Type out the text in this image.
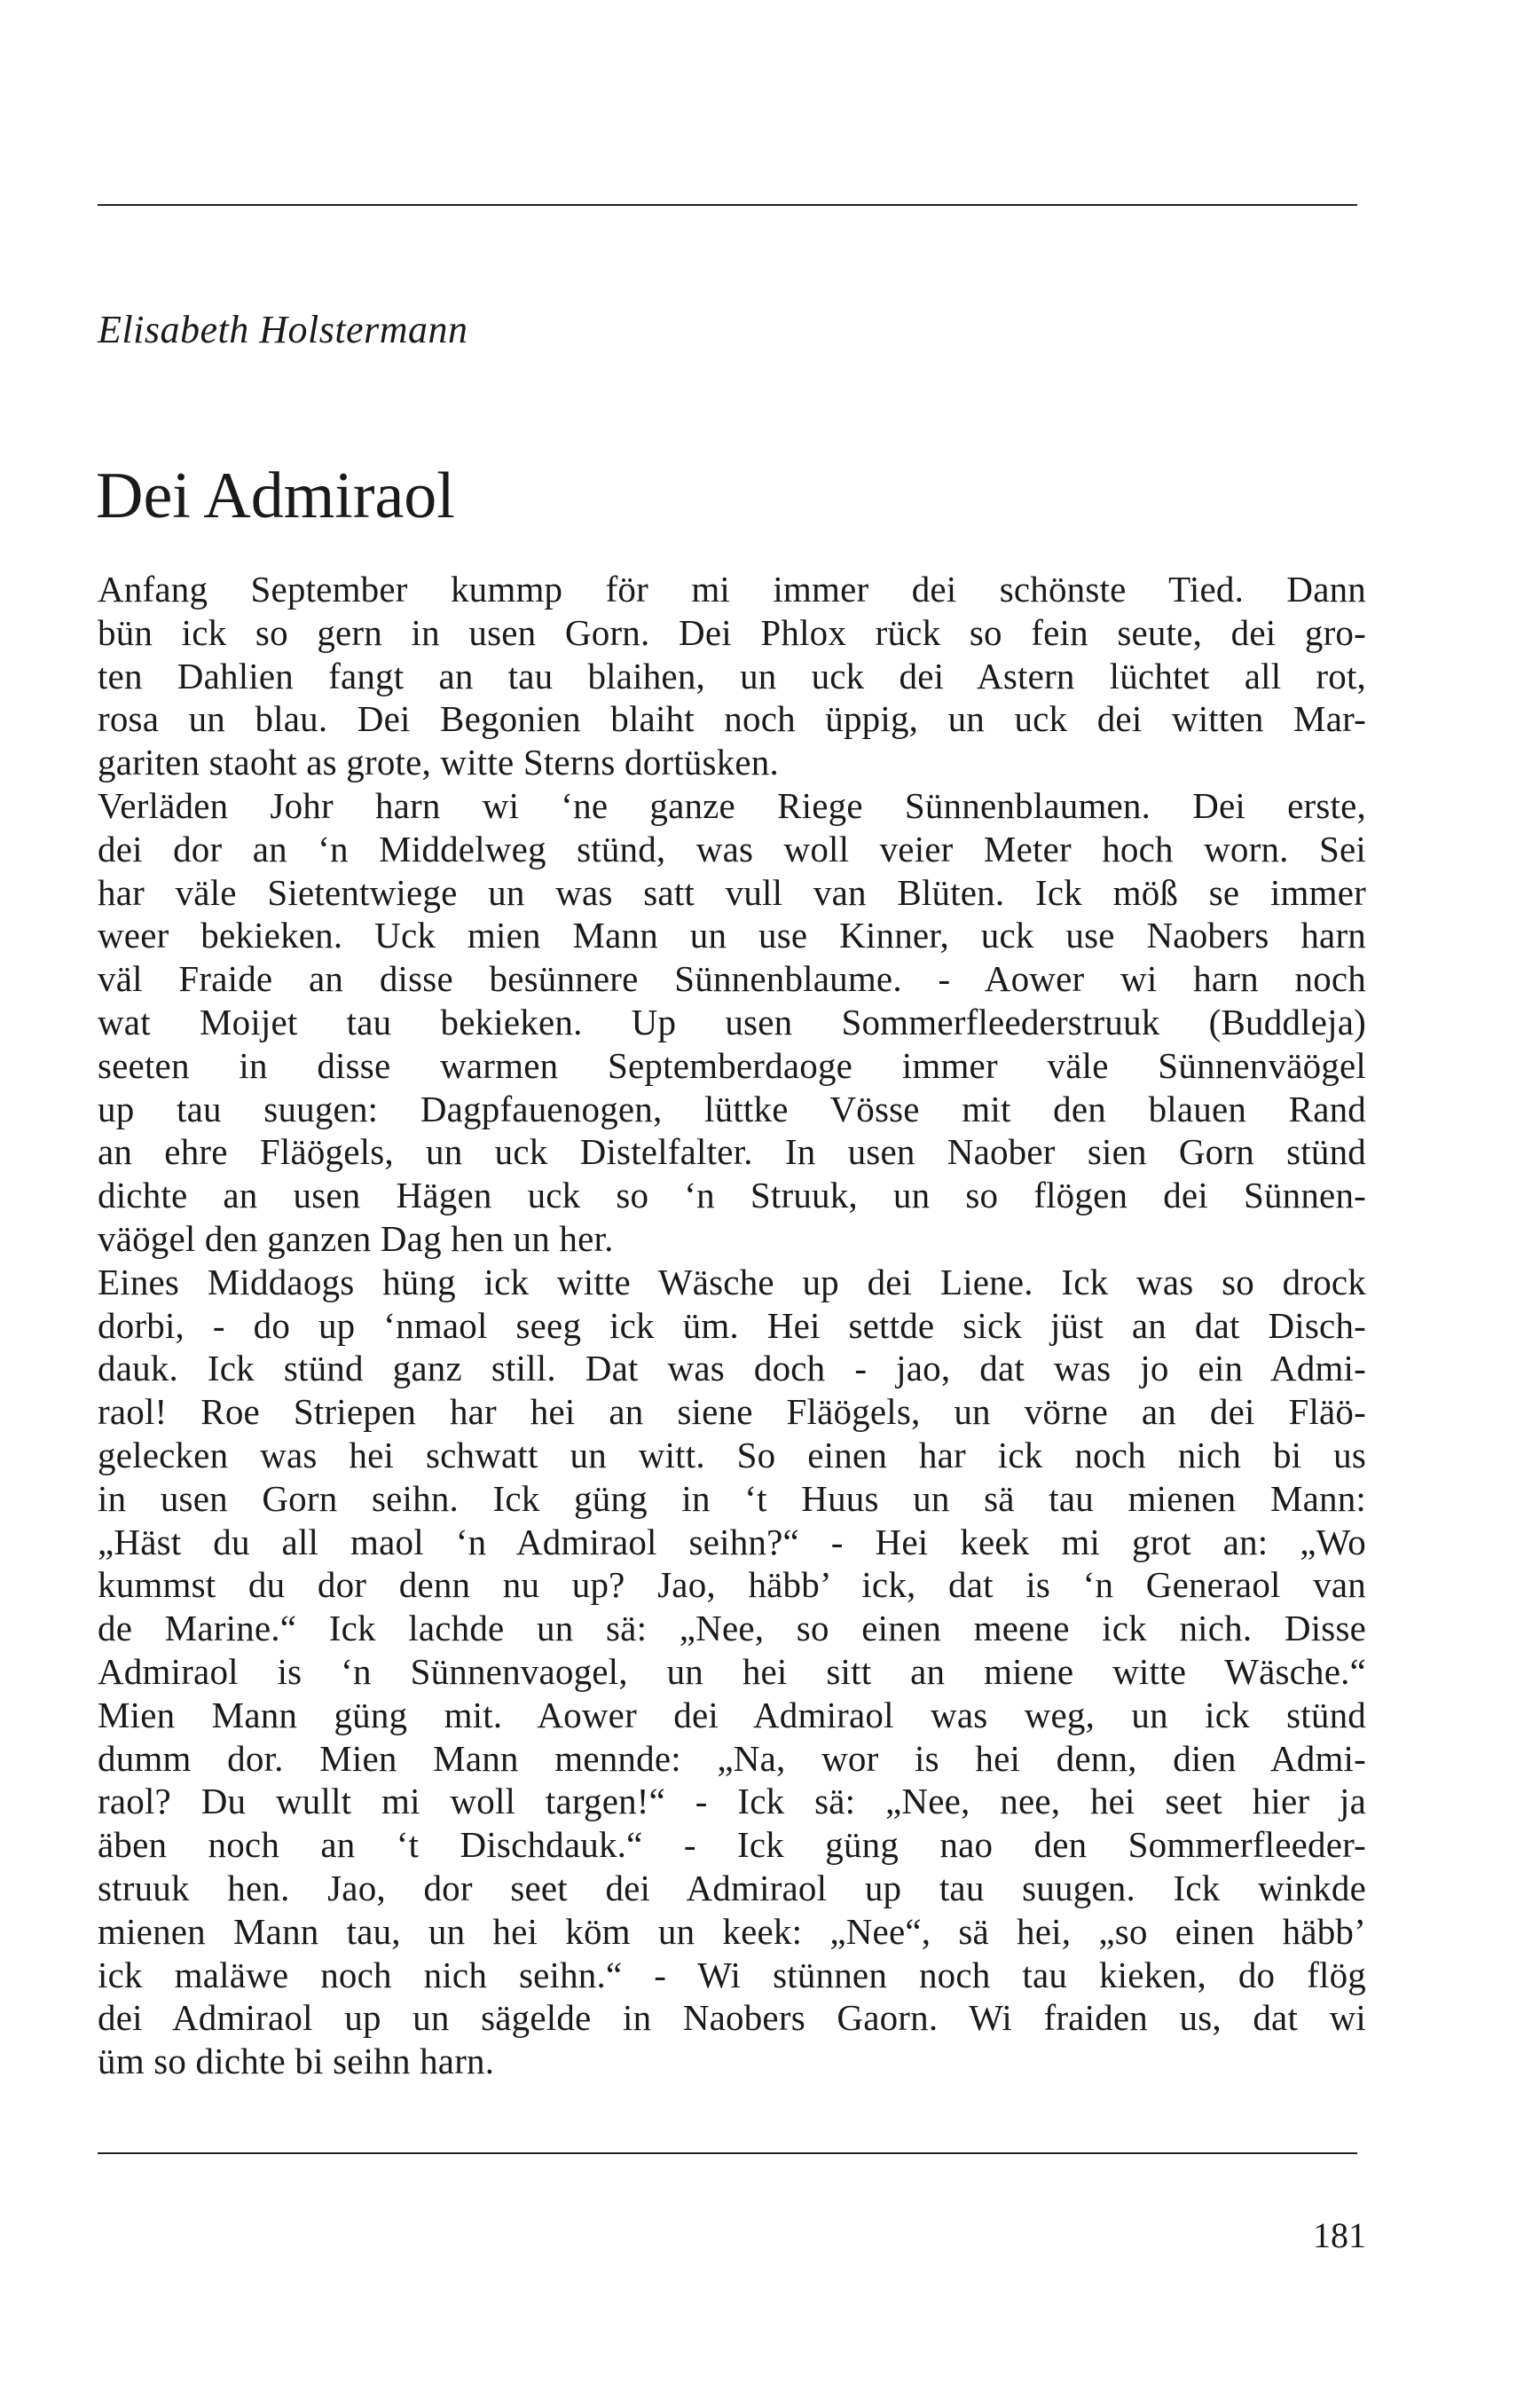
Elisabeth Holstermann
Dei Admiraol
Anfang September kummp för mi immer dei schönste Tied. Dann
bün ick so gern in usen Gorn. Dei Phlox rück so fein seute, dei gro-
ten Dahlien fangt an tau blaihen, un uck dei Astern lüchtet all rot,
rosa un blau. Dei Begonien blaiht noch üppig, un uck dei witten Mar-
gariten staoht as grote, witte Sterns dortüsken.
Verläden Johr harn wi ‘ne ganze Riege Sünnenblaumen. Dei erste,
dei dor an ‘n Middelweg stünd, was woll veier Meter hoch worn. Sei
har väle Sietentwiege un was satt vull van Blüten. Ick möß se immer
weer bekieken. Uck mien Mann un use Kinner, uck use Naobers harn
väl Fraide an disse besünnere Sünnenblaume. - Aower wi harn noch
wat Moijet tau bekieken. Up usen Sommerfleederstruuk (Buddleja)
seeten in disse warmen Septemberdaoge immer väle Sünnenväögel
up tau suugen: Dagpfauenogen, lüttke Vösse mit den blauen Rand
an ehre Fläögels, un uck Distelfalter. In usen Naober sien Gorn stünd
dichte an usen Hägen uck so ‘n Struuk, un so flögen dei Sünnen-
väögel den ganzen Dag hen un her.
Eines Middaogs hüng ick witte Wäsche up dei Liene. Ick was so drock
dorbi, - do up ‘nmaol seeg ick üm. Hei settde sick jüst an dat Disch-
dauk. Ick stünd ganz still. Dat was doch - jao, dat was jo ein Admi-
raol! Roe Striepen har hei an siene Fläögels, un vörne an dei Fläö-
gelecken was hei schwatt un witt. So einen har ick noch nich bi us
in usen Gorn seihn. Ick güng in ‘t Huus un sä tau mienen Mann:
„Häst du all maol ‘n Admiraol seihn?“ - Hei keek mi grot an: „Wo
kummst du dor denn nu up? Jao, häbb’ ick, dat is ‘n Generaol van
de Marine.“ Ick lachde un sä: „Nee, so einen meene ick nich. Disse
Admiraol is ‘n Sünnenvaogel, un hei sitt an miene witte Wäsche.“
Mien Mann güng mit. Aower dei Admiraol was weg, un ick stünd
dumm dor. Mien Mann mennde: „Na, wor is hei denn, dien Admi-
raol? Du wullt mi woll targen!“ - Ick sä: „Nee, nee, hei seet hier ja
äben noch an ‘t Dischdauk.“ - Ick güng nao den Sommerfleeder-
struuk hen. Jao, dor seet dei Admiraol up tau suugen. Ick winkde
mienen Mann tau, un hei köm un keek: „Nee“, sä hei, „so einen häbb’
ick maläwe noch nich seihn.“ - Wi stünnen noch tau kieken, do flög
dei Admiraol up un sägelde in Naobers Gaorn. Wi fraiden us, dat wi
üm so dichte bi seihn harn.
181
